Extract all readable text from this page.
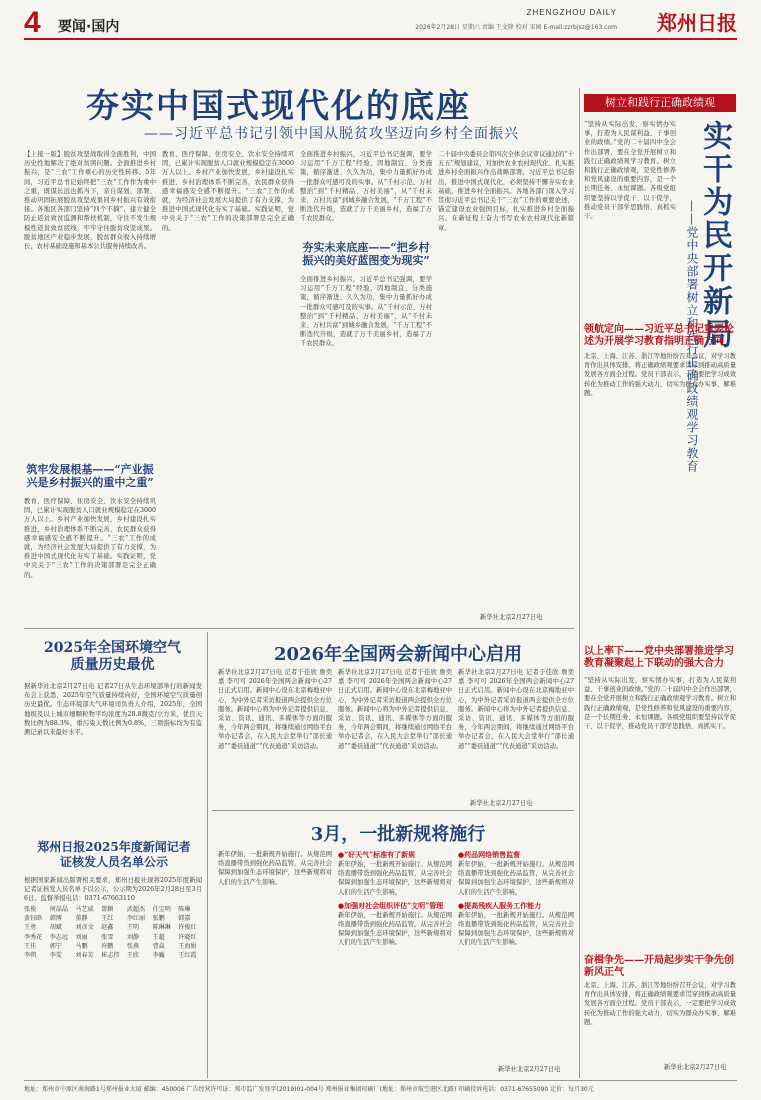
4 要闻·国内
ZHENGZHOU DAILY
2026年2月28日 星期六 责编 王文锋 校对 宋园 E-mail:zzrbjsz@163.com 郑州日报
夯实中国式现代化的底座
——习近平总书记引领中国从脱贫攻坚迈向乡村全面振兴
【上接一版】脱贫攻坚战取得全面胜利，中国历史性地解决了绝对贫困问题。全面推进乡村振兴，是“三农”工作重心的历史性转移。5年间，习近平总书记始终把“三农”工作作为重中之重，既谋长远也抓当下，亲自谋划、部署、推动巩固拓展脱贫攻坚成果同乡村振兴有效衔接。各地区各部门坚持“四个不摘”，建立健全防止返贫致贫监测和帮扶机制，守住不发生规模性返贫致贫底线，牢牢守住脱贫攻坚成果。脱贫地区产业稳步发展，脱贫群众收入持续增长，农村基础设施和基本公共服务持续改善。
筑牢发展根基——“产业振兴是乡村振兴的重中之重”
教育、医疗保障、住房安全、饮水安全持续巩固，已累计实现脱贫人口就业规模稳定在3000万人以上。乡村产业加快发展，乡村建设扎实推进，乡村治理体系不断完善，农民群众获得感幸福感安全感不断提升。“三农”工作的成就，为经济社会发展大局提供了有力支撑，为推进中国式现代化夯实了基础。实践证明，党中央关于“三农”工作的决策部署是完全正确的。
教育、医疗保障、住房安全、饮水安全持续巩固，已累计实现脱贫人口就业规模稳定在3000万人以上。乡村产业加快发展，乡村建设扎实推进，乡村治理体系不断完善，农民群众获得感幸福感安全感不断提升。“三农”工作的成就，为经济社会发展大局提供了有力支撑，为推进中国式现代化夯实了基础。实践证明，党中央关于“三农”工作的决策部署是完全正确的。
全面推进乡村振兴，习近平总书记强调，要学习运用“千万工程”经验，因地制宜、分类施策，循序渐进、久久为功，集中力量抓好办成一批群众可感可及的实事。从“千村示范、万村整治”到“千村精品、万村美丽”，从“千村未来、万村共富”到城乡融合发展，“千万工程”不断迭代升级，造就了万千美丽乡村，造福了万千农民群众。
夯实未来底座——“把乡村振兴的美好蓝图变为现实”
全面推进乡村振兴，习近平总书记强调，要学习运用“千万工程”经验，因地制宜、分类施策，循序渐进、久久为功，集中力量抓好办成一批群众可感可及的实事。从“千村示范、万村整治”到“千村精品、万村美丽”，从“千村未来、万村共富”到城乡融合发展，“千万工程”不断迭代升级，造就了万千美丽乡村，造福了万千农民群众。
二十届中央委员会第四次全体会议审议通过的“十五五”规划建议，对加快农业农村现代化、扎实推进乡村全面振兴作出战略部署。习近平总书记指出，推进中国式现代化，必须坚持不懈夯实农业基础，推进乡村全面振兴。各地各部门深入学习贯彻习近平总书记关于“三农”工作的重要论述，锚定建设农业强国目标，扎实推进乡村全面振兴，在新征程上奋力书写农业农村现代化新篇章。
新华社北京2月27日电
树立和践行正确政绩观
实干为民开新局
——党中央部署树立和践行正确政绩观学习教育
“坚持从实际出发，察实情办实事，打造为人民谋利益、干事创业的政绩。”党的二十届四中全会作出部署，要在全党开展树立和践行正确政绩观学习教育。树立和践行正确政绩观，是党性修养和党风建设的重要内容，是一个长期任务、永恒课题。各级党组织要坚持以学促干、以干促学，推动党员干部学思践悟、真抓实干。
领航定向——习近平总书记重要论述为开展学习教育指明正确方向
北京、上海、江苏、浙江等地纷纷召开会议，对学习教育作出具体安排，将正确政绩观要求贯穿到推动高质量发展各方面全过程。党员干部表示，一定要把学习成效转化为推动工作的强大动力，切实为群众办实事、解难题。
以上率下——党中央部署推进学习教育凝聚起上下联动的强大合力
“坚持从实际出发，察实情办实事，打造为人民谋利益、干事创业的政绩。”党的二十届四中全会作出部署，要在全党开展树立和践行正确政绩观学习教育。树立和践行正确政绩观，是党性修养和党风建设的重要内容，是一个长期任务、永恒课题。各级党组织要坚持以学促干、以干促学，推动党员干部学思践悟、真抓实干。
奋楫争先——开局起步实干争先创新风正气
北京、上海、江苏、浙江等地纷纷召开会议，对学习教育作出具体安排，将正确政绩观要求贯穿到推动高质量发展各方面全过程。党员干部表示，一定要把学习成效转化为推动工作的强大动力，切实为群众办实事、解难题。
新华社北京2月27日电
2025年全国环境空气质量历史最优
据新华社北京2月27日电 记者27日从生态环境部举行的新闻发布会上获悉，2025年空气质量持续向好，全国环境空气质量创历史最优。生态环境部大气环境司负责人介绍，2025年，全国地级及以上城市细颗粒物平均浓度为28.8微克/立方米，优良天数比例为88.3%，重污染天数比例为0.8%，三项指标均为有监测记录以来最好水平。
郑州日报2025年度新闻记者证核发人员名单公示
根据国家新闻出版署相关要求，郑州日报社现将2025年度新闻记者证核发人员名单予以公示，公示期为2026年2月28日至3月6日。监督举报电话：0371-67663110
张俊	何晶晶	马艺威	曾颖	武超杰	任宝明	陈琳
黄钰晗	韩博	董静	王红	李红丽	张鹏	韩嘉
王勇	胡斌	刘彦文	赵鑫	王明	陈琳琳	许俊红
李秀花	李志远	刘丽	张雪	刘静	王超	许晓红
王佳	郭宁	马鹏	许鹏	张燕	曹焱	王海娟
李朔	李雯	刘春芳	崔志伟	王欣	李巍	王红霞
2026年全国两会新闻中心启用
新华社北京2月27日电 记者于佳欣 詹奕嘉 李可可 2026年全国两会新闻中心27日正式启用。新闻中心设在北京梅地亚中心，为中外记者采访报道两会提供全方位服务。新闻中心将为中外记者提供信息、采访、资讯、通讯、多媒体等方面的服务，今年两会期间，将继续通过网络平台举办记者会，在人民大会堂举行“部长通道”“委员通道”“代表通道”采访活动。
新华社北京2月27日电 记者于佳欣 詹奕嘉 李可可 2026年全国两会新闻中心27日正式启用。新闻中心设在北京梅地亚中心，为中外记者采访报道两会提供全方位服务。新闻中心将为中外记者提供信息、采访、资讯、通讯、多媒体等方面的服务，今年两会期间，将继续通过网络平台举办记者会，在人民大会堂举行“部长通道”“委员通道”“代表通道”采访活动。
新华社北京2月27日电 记者于佳欣 詹奕嘉 李可可 2026年全国两会新闻中心27日正式启用。新闻中心设在北京梅地亚中心，为中外记者采访报道两会提供全方位服务。新闻中心将为中外记者提供信息、采访、资讯、通讯、多媒体等方面的服务，今年两会期间，将继续通过网络平台举办记者会，在人民大会堂举行“部长通道”“委员通道”“代表通道”采访活动。
新华社北京2月27日电
3月，一批新规将施行
新年伊始，一批新规开始施行。从规范网络直播带货到强化药品监管，从完善社会保障到加强生态环境保护，这些新规将对人们的生活产生影响。
●“好天气”标准有了新规
新年伊始，一批新规开始施行。从规范网络直播带货到强化药品监管，从完善社会保障到加强生态环境保护，这些新规将对人们的生活产生影响。
●加强对社会组织评估“文明”管理
新年伊始，一批新规开始施行。从规范网络直播带货到强化药品监管，从完善社会保障到加强生态环境保护，这些新规将对人们的生活产生影响。
●药品网络销售监督
新年伊始，一批新规开始施行。从规范网络直播带货到强化药品监管，从完善社会保障到加强生态环境保护，这些新规将对人们的生活产生影响。
●提高残疾人服务工作能力
新年伊始，一批新规开始施行。从规范网络直播带货到强化药品监管，从完善社会保障到加强生态环境保护，这些新规将对人们的生活产生影响。
新华社北京2月27日电
地址：郑州市中原区南海路1号郑州报业大厦 邮编：450006 广告经营许可证：郑市监广发登字(2019)01-004号 郑州报业集团印刷厂(地址：郑州市航空港区北路) 印刷投诉电话：0371-67655090 定价：每月30元
